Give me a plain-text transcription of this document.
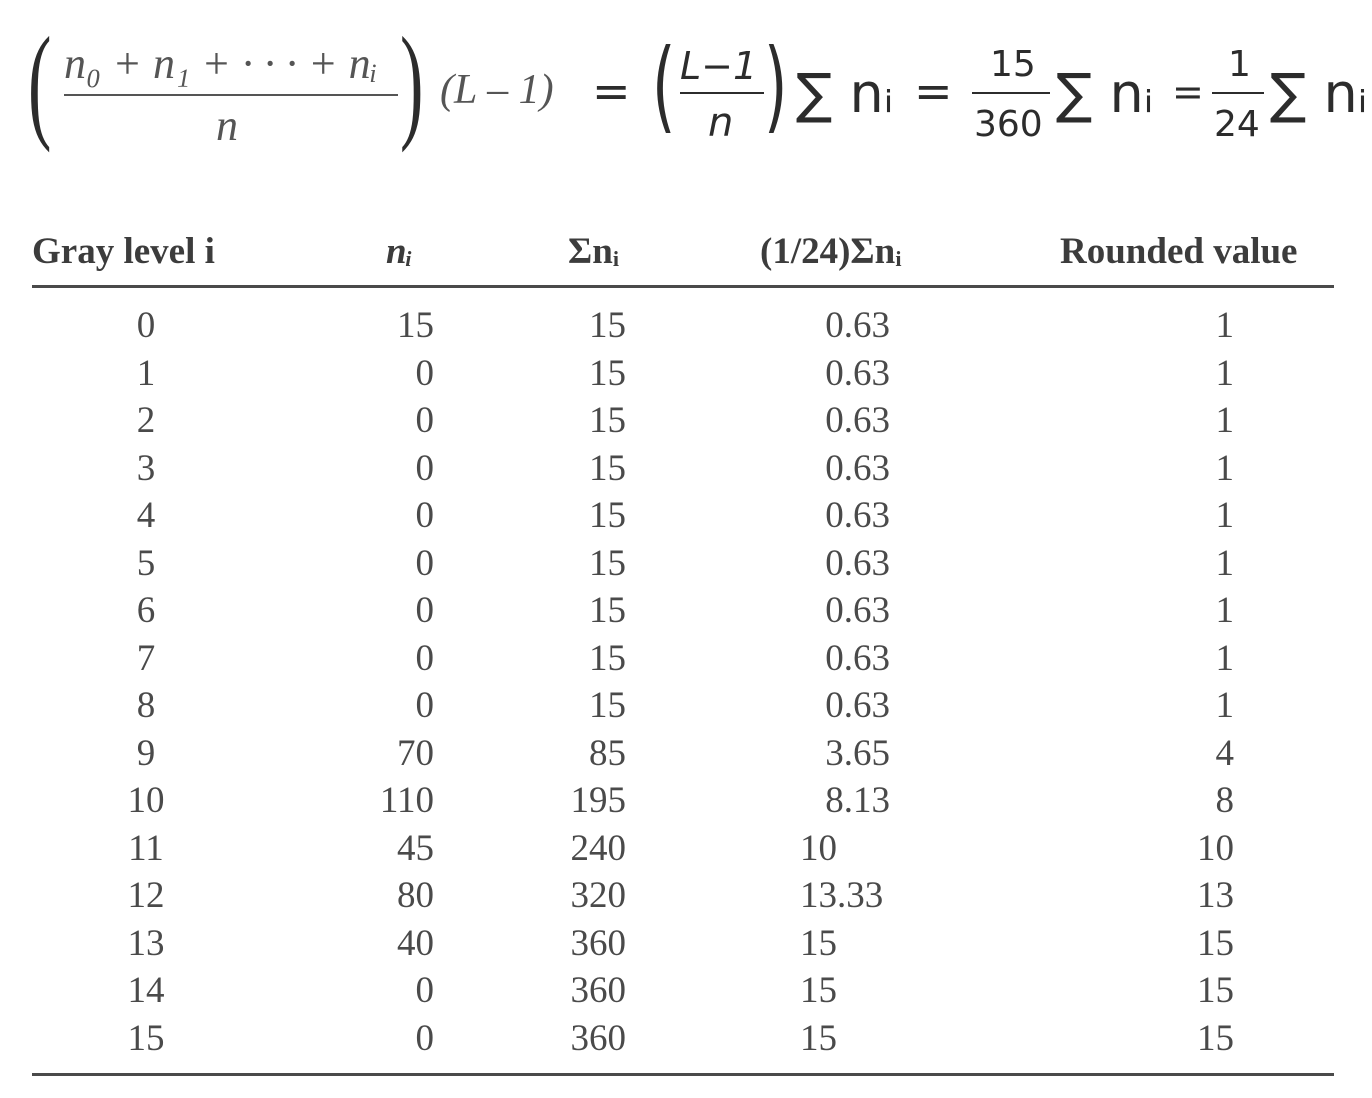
( n₀ + n₁ + · · · + nᵢ
n ) (L – 1) = ( L−1
n ) ∑ nᵢ = 15
360 ∑ nᵢ =
1
24 ∑ nᵢ
Gray level i	nᵢ	Σnᵢ	(1/24)Σnᵢ	Rounded value
0	15	15	0.63	1
1	0	15	0.63	1
2	0	15	0.63	1
3	0	15	0.63	1
4	0	15	0.63	1
5	0	15	0.63	1
6	0	15	0.63	1
7	0	15	0.63	1
8	0	15	0.63	1
9	70	85	3.65	4
10	110	195	8.13	8
11	45	240	10	10
12	80	320	13.33	13
13	40	360	15	15
14	0	360	15	15
15	0	360	15	15
